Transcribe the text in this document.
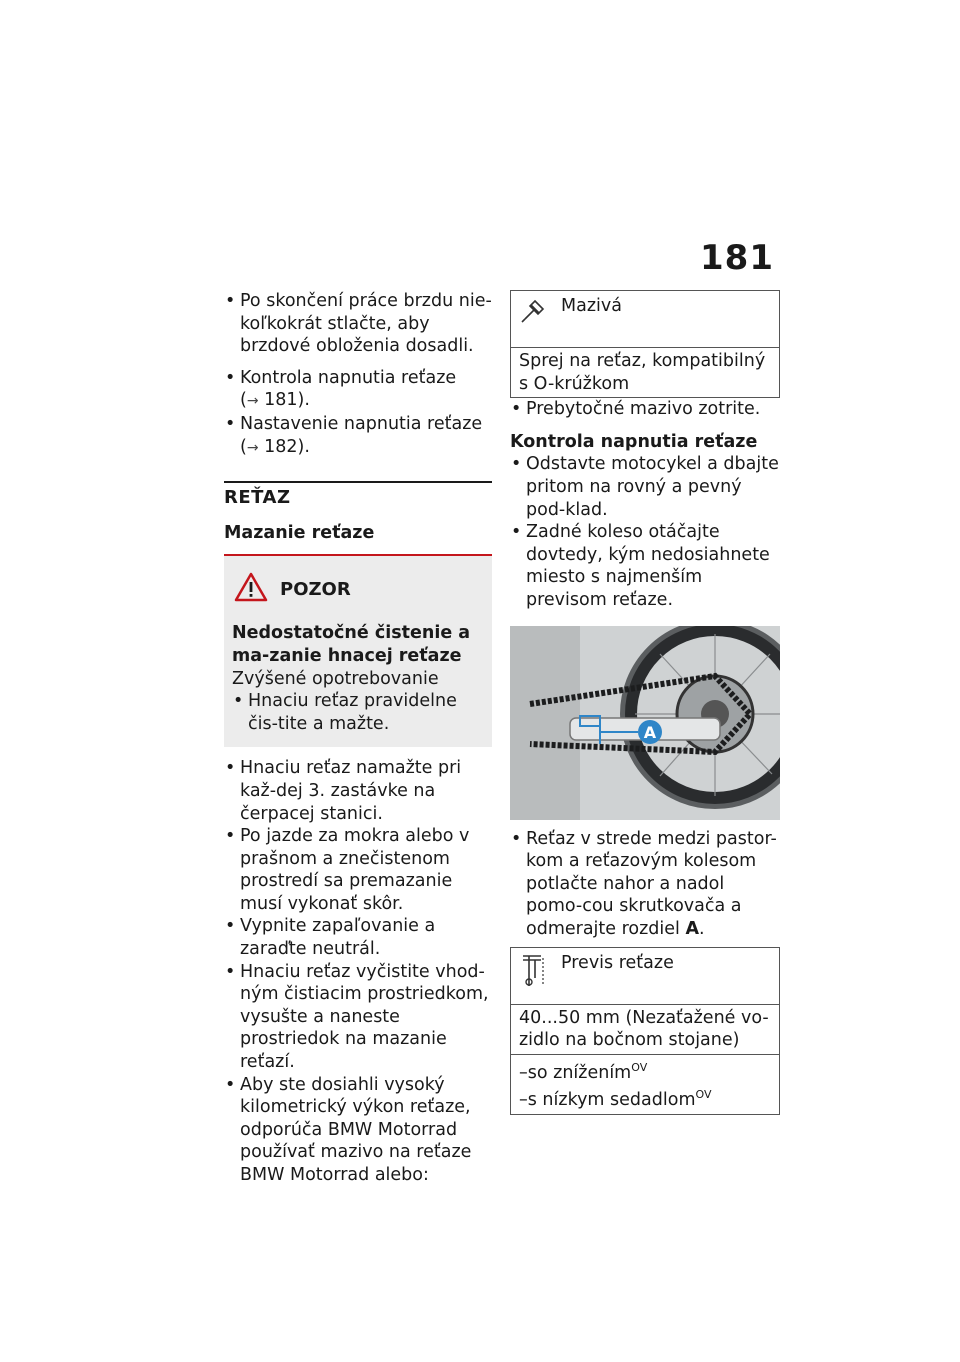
181

• Po skončení práce brzdu nie-koľkokrát stlačte, aby brzdové obloženia dosadli.

• Kontrola napnutia reťaze
(→ 181).

• Nastavenie napnutia reťaze
(→ 182).

REŤAZ
Mazanie reťaze
POZOR
Nedostatočné čistenie a ma-zanie hnacej reťaze
Zvýšené opotrebovanie
• Hnaciu reťaz pravidelne čis-tite a mažte.

• Hnaciu reťaz namažte pri kaž-dej 3. zastávke na čerpacej stanici.

• Po jazde za mokra alebo v prašnom a znečistenom prostredí sa premazanie musí vykonať skôr.

• Vypnite zapaľovanie a zaraďte neutrál.

• Hnaciu reťaz vyčistite vhod-ným čistiacim prostriedkom, vysušte a naneste prostriedok na mazanie reťazí.

• Aby ste dosiahli vysoký kilometrický výkon reťaze, odporúča BMW Motorrad používať mazivo na reťaze BMW Motorrad alebo:

Mazivá
Sprej na reťaz, kompatibilný s O-krúžkom

• Prebytočné mazivo zotrite.

Kontrola napnutia reťaze

• Odstavte motocykel a dbajte pritom na rovný a pevný pod-klad.

• Zadné koleso otáčajte dovtedy, kým nedosiahnete miesto s najmenším previsom reťaze.

A

• Reťaz v strede medzi pastor-kom a reťazovým kolesom potlačte nahor a nadol pomo-cou skrutkovača a odmerajte rozdiel A.

Previs reťaze
40...50 mm (Nezaťažené vo-zidlo na bočnom stojane)
–so znížením$^{OV}$
–s nízkym sedadlom$^{OV}$
